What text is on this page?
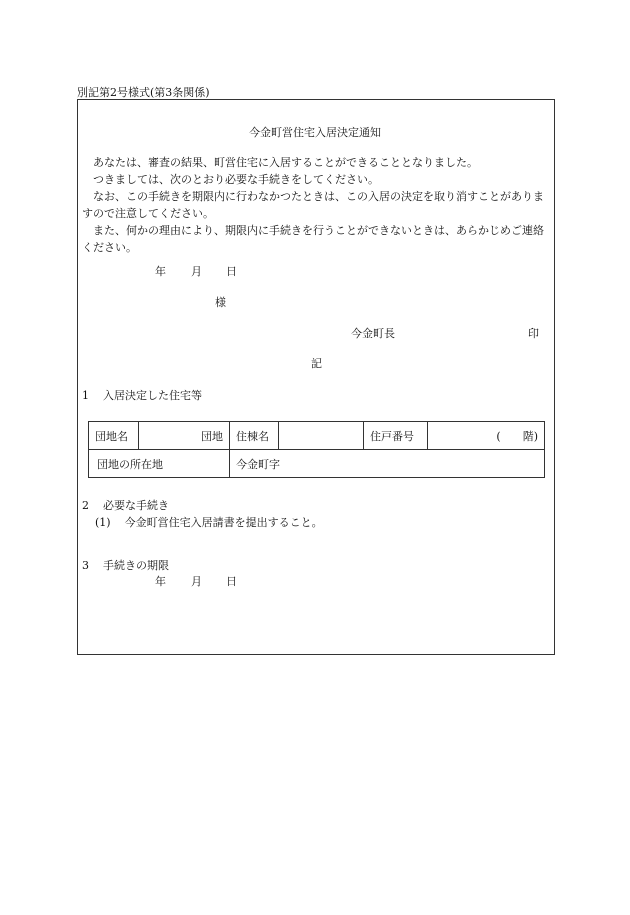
別記第2号様式(第3条関係)
今金町営住宅入居決定通知
あなたは、審査の結果、町営住宅に入居することができることとなりました。
つきましては、次のとおり必要な手続きをしてください。
なお、この手続きを期限内に行わなかつたときは、この入居の決定を取り消すことがありますので注意してください。
また、何かの理由により、期限内に手続きを行うことができないときは、あらかじめご連絡ください。
年 月 日
様
今金町長	印
記
1 入居決定した住宅等
団地名	団地	住棟名		住戸番号	(　　階)
団地の所在地		今金町字			
2 必要な手続き
(1) 今金町営住宅入居請書を提出すること。
3 手続きの期限
年 月 日
